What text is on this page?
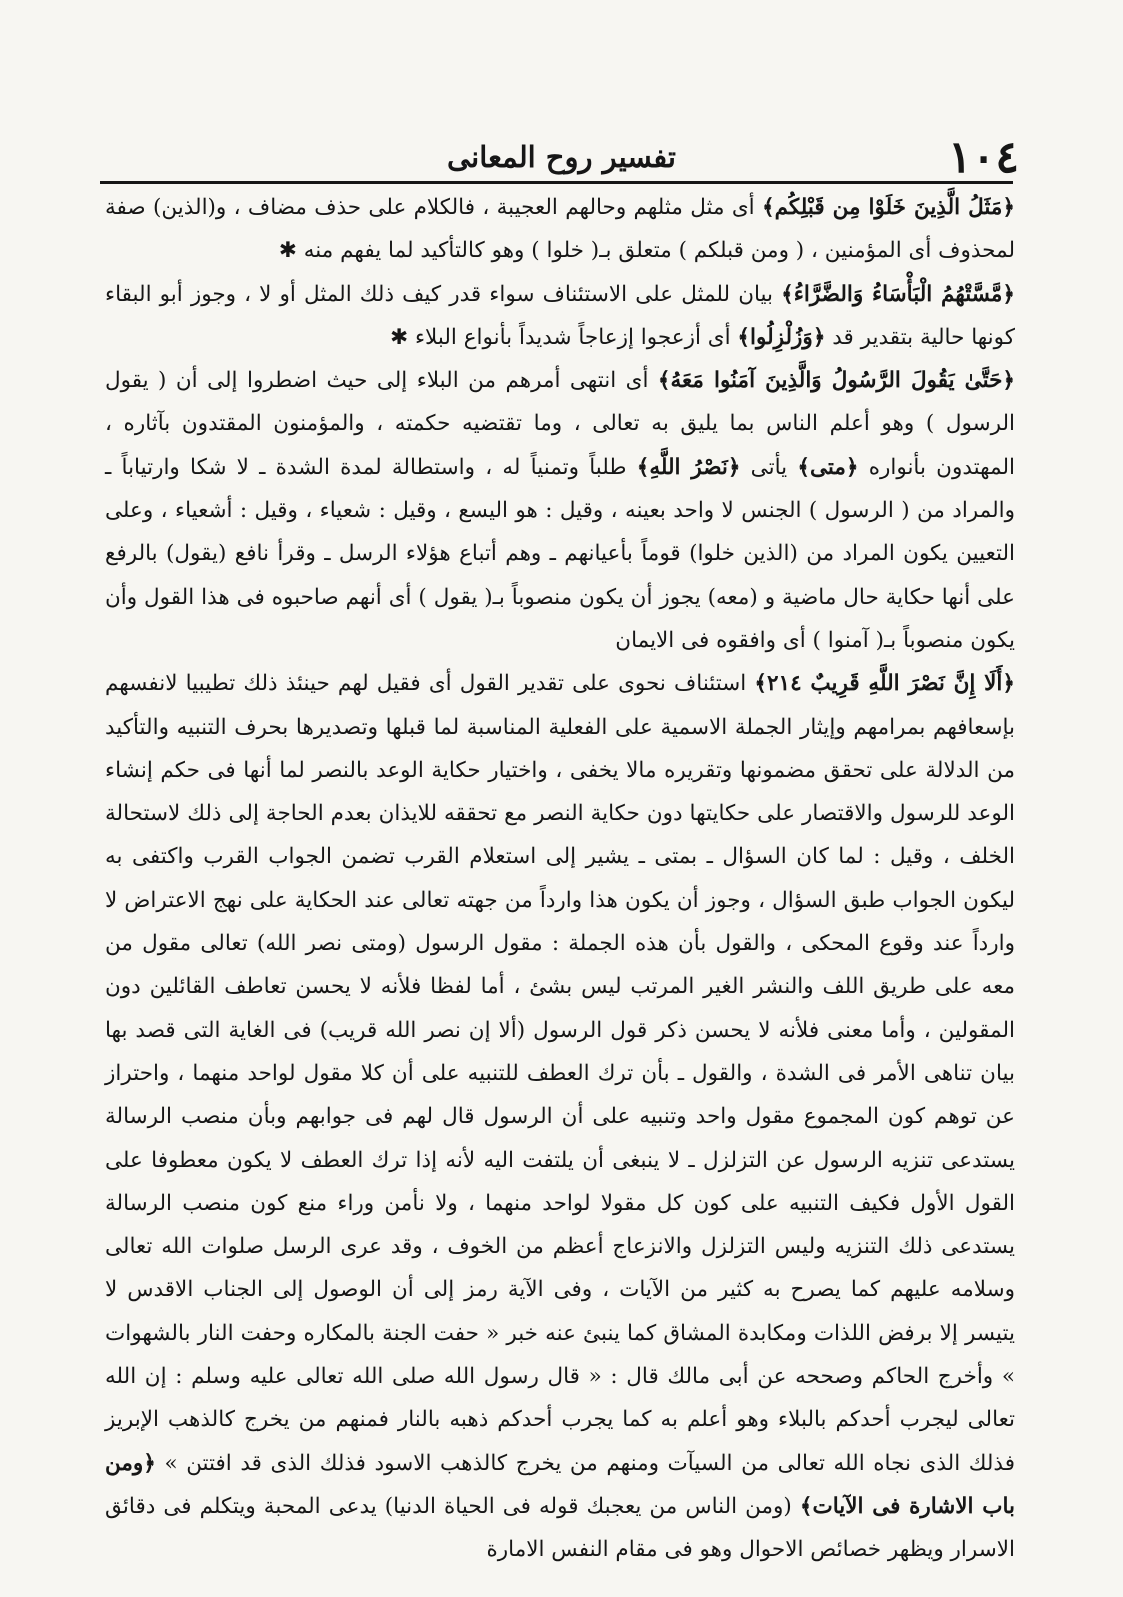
١٠٤
تفسير روح المعانى

﴿مَثَلُ الَّذِينَ خَلَوْا مِن قَبْلِكُم﴾ أى مثل مثلهم وحالهم العجيبة ، فالكلام على حذف مضاف ، و(الذين) صفة لمحذوف أى المؤمنين ، ( ومن قبلكم ) متعلق بـ( خلوا ) وهو كالتأكيد لما يفهم منه ✱

﴿مَّسَّتْهُمُ الْبَأْسَاءُ وَالضَّرَّاءُ﴾ بيان للمثل على الاستئناف سواء قدر كيف ذلك المثل أو لا ، وجوز أبو البقاء كونها حالية بتقدير قد ﴿وَزُلْزِلُوا﴾ أى أزعجوا إزعاجاً شديداً بأنواع البلاء ✱

﴿حَتَّىٰ يَقُولَ الرَّسُولُ وَالَّذِينَ آمَنُوا مَعَهُ﴾ أى انتهى أمرهم من البلاء إلى حيث اضطروا إلى أن ( يقول الرسول ) وهو أعلم الناس بما يليق به تعالى ، وما تقتضيه حكمته ، والمؤمنون المقتدون بآثاره ، المهتدون بأنواره ﴿متى﴾ يأتى ﴿نَصْرُ اللَّهِ﴾ طلباً وتمنياً له ، واستطالة لمدة الشدة ـ لا شكا وارتياباً ـ والمراد من ( الرسول ) الجنس لا واحد بعينه ، وقيل : هو اليسع ، وقيل : شعياء ، وقيل : أشعياء ، وعلى التعيين يكون المراد من (الذين خلوا) قوماً بأعيانهم ـ وهم أتباع هؤلاء الرسل ـ وقرأ نافع (يقول) بالرفع على أنها حكاية حال ماضية و (معه) يجوز أن يكون منصوباً بـ( يقول ) أى أنهم صاحبوه فى هذا القول وأن يكون منصوباً بـ( آمنوا ) أى وافقوه فى الايمان

﴿أَلَا إِنَّ نَصْرَ اللَّهِ قَرِيبٌ ٢١٤﴾ استئناف نحوى على تقدير القول أى فقيل لهم حينئذ ذلك تطيبيا لانفسهم بإسعافهم بمرامهم وإيثار الجملة الاسمية على الفعلية المناسبة لما قبلها وتصديرها بحرف التنبيه والتأكيد من الدلالة على تحقق مضمونها وتقريره مالا يخفى ، واختيار حكاية الوعد بالنصر لما أنها فى حكم إنشاء الوعد للرسول والاقتصار على حكايتها دون حكاية النصر مع تحققه للايذان بعدم الحاجة إلى ذلك لاستحالة الخلف ، وقيل : لما كان السؤال ـ بمتى ـ يشير إلى استعلام القرب تضمن الجواب القرب واكتفى به ليكون الجواب طبق السؤال ، وجوز أن يكون هذا وارداً من جهته تعالى عند الحكاية على نهج الاعتراض لا وارداً عند وقوع المحكى ، والقول بأن هذه الجملة : مقول الرسول (ومتى نصر الله) تعالى مقول من معه على طريق اللف والنشر الغير المرتب ليس بشئ ، أما لفظا فلأنه لا يحسن تعاطف القائلين دون المقولين ، وأما معنى فلأنه لا يحسن ذكر قول الرسول (ألا إن نصر الله قريب) فى الغاية التى قصد بها بيان تناهى الأمر فى الشدة ، والقول ـ بأن ترك العطف للتنبيه على أن كلا مقول لواحد منهما ، واحتراز عن توهم كون المجموع مقول واحد وتنبيه على أن الرسول قال لهم فى جوابهم وبأن منصب الرسالة يستدعى تنزيه الرسول عن التزلزل ـ لا ينبغى أن يلتفت اليه لأنه إذا ترك العطف لا يكون معطوفا على القول الأول فكيف التنبيه على كون كل مقولا لواحد منهما ، ولا نأمن وراء منع كون منصب الرسالة يستدعى ذلك التنزيه وليس التزلزل والانزعاج أعظم من الخوف ، وقد عرى الرسل صلوات الله تعالى وسلامه عليهم كما يصرح به كثير من الآيات ، وفى الآية رمز إلى أن الوصول إلى الجناب الاقدس لا يتيسر إلا برفض اللذات ومكابدة المشاق كما ينبئ عنه خبر « حفت الجنة بالمكاره وحفت النار بالشهوات » وأخرج الحاكم وصححه عن أبى مالك قال : « قال رسول الله صلى الله تعالى عليه وسلم : إن الله تعالى ليجرب أحدكم بالبلاء وهو أعلم به كما يجرب أحدكم ذهبه بالنار فمنهم من يخرج كالذهب الإبريز فذلك الذى نجاه الله تعالى من السيآت ومنهم من يخرج كالذهب الاسود فذلك الذى قد افتتن » ﴿ومن باب الاشارة فى الآيات﴾ (ومن الناس من يعجبك قوله فى الحياة الدنيا) يدعى المحبة ويتكلم فى دقائق الاسرار ويظهر خصائص الاحوال وهو فى مقام النفس الامارة
